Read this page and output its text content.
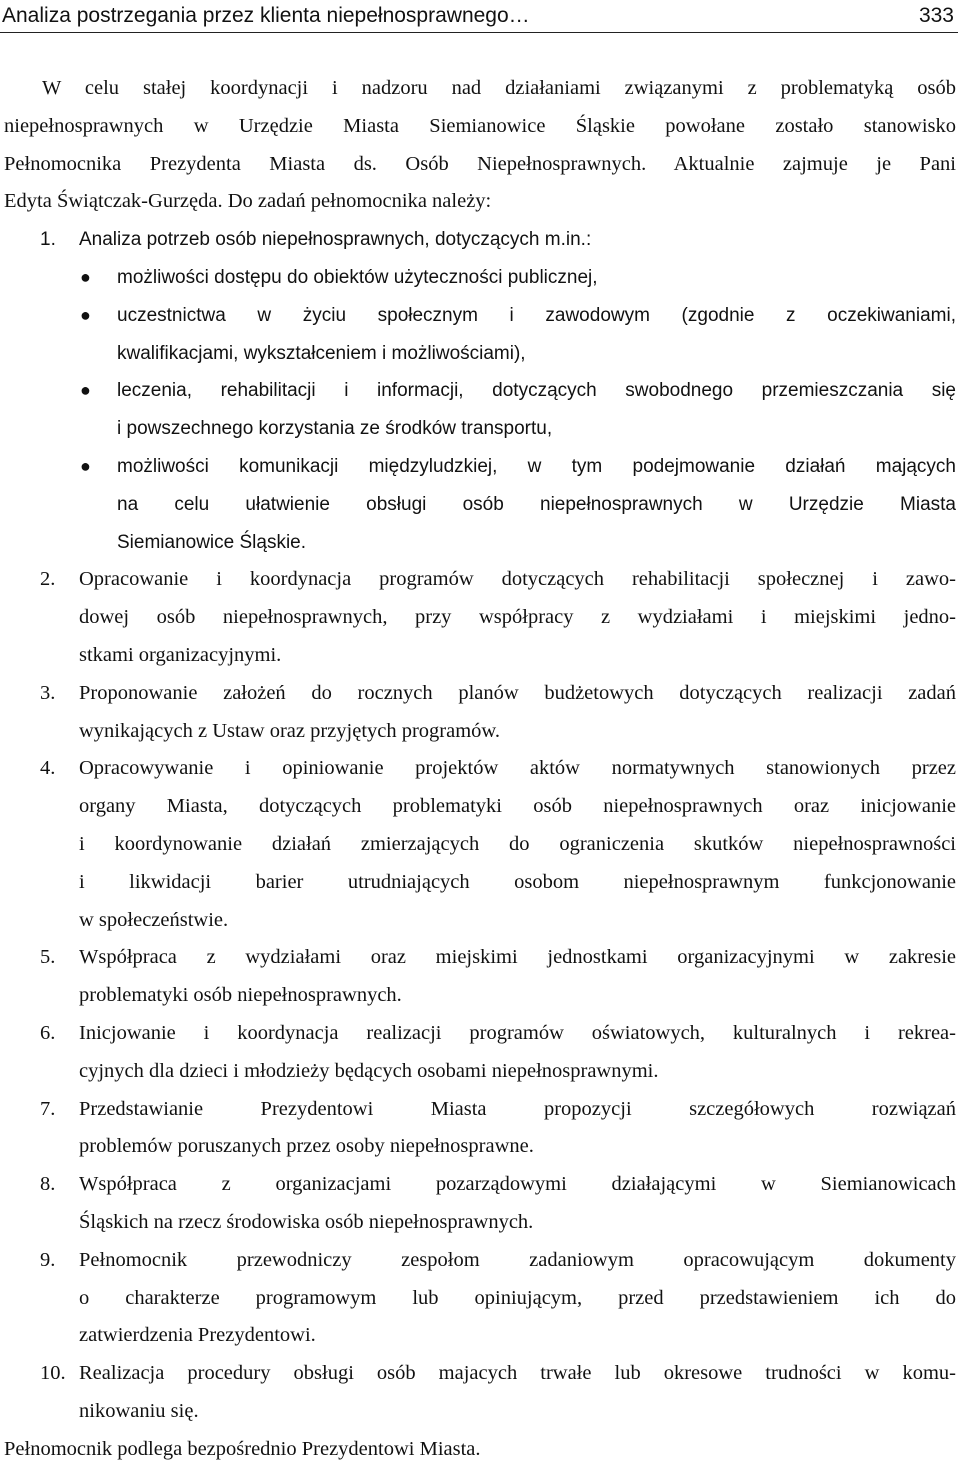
Analiza postrzegania przez klienta niepełnosprawnego…	333

W celu stałej koordynacji i nadzoru nad działaniami związanymi z problematyką osób

niepełnosprawnych w Urzędzie Miasta Siemianowice Śląskie powołane zostało stanowisko

Pełnomocnika Prezydenta Miasta ds. Osób Niepełnosprawnych. Aktualnie zajmuje je Pani

Edyta Świątczak-Gurzęda. Do zadań pełnomocnika należy:

1. Analiza potrzeb osób niepełnosprawnych, dotyczących m.in.:

● możliwości dostępu do obiektów użyteczności publicznej,

● uczestnictwa w życiu społecznym i zawodowym (zgodnie z oczekiwaniami,

kwalifikacjami, wykształceniem i możliwościami),

● leczenia, rehabilitacji i informacji, dotyczących swobodnego przemieszczania się

i powszechnego korzystania ze środków transportu,

● możliwości komunikacji międzyludzkiej, w tym podejmowanie działań mających

na celu ułatwienie obsługi osób niepełnosprawnych w Urzędzie Miasta

Siemianowice Śląskie.

2. Opracowanie i koordynacja programów dotyczących rehabilitacji społecznej i zawo-

dowej osób niepełnosprawnych, przy współpracy z wydziałami i miejskimi jedno-

stkami organizacyjnymi.

3. Proponowanie założeń do rocznych planów budżetowych dotyczących realizacji zadań

wynikających z Ustaw oraz przyjętych programów.

4. Opracowywanie i opiniowanie projektów aktów normatywnych stanowionych przez

organy Miasta, dotyczących problematyki osób niepełnosprawnych oraz inicjowanie

i koordynowanie działań zmierzających do ograniczenia skutków niepełnosprawności

i likwidacji barier utrudniających osobom niepełnosprawnym funkcjonowanie

w społeczeństwie.

5. Współpraca z wydziałami oraz miejskimi jednostkami organizacyjnymi w zakresie

problematyki osób niepełnosprawnych.

6. Inicjowanie i koordynacja realizacji programów oświatowych, kulturalnych i rekrea-

cyjnych dla dzieci i młodzieży będących osobami niepełnosprawnymi.

7. Przedstawianie Prezydentowi Miasta propozycji szczegółowych rozwiązań

problemów poruszanych przez osoby niepełnosprawne.

8. Współpraca z organizacjami pozarządowymi działającymi w Siemianowicach

Śląskich na rzecz środowiska osób niepełnosprawnych.

9. Pełnomocnik przewodniczy zespołom zadaniowym opracowującym dokumenty

o charakterze programowym lub opiniującym, przed przedstawieniem ich do

zatwierdzenia Prezydentowi.

10. Realizacja procedury obsługi osób majacych trwałe lub okresowe trudności w komu-

nikowaniu się.

Pełnomocnik podlega bezpośrednio Prezydentowi Miasta.
